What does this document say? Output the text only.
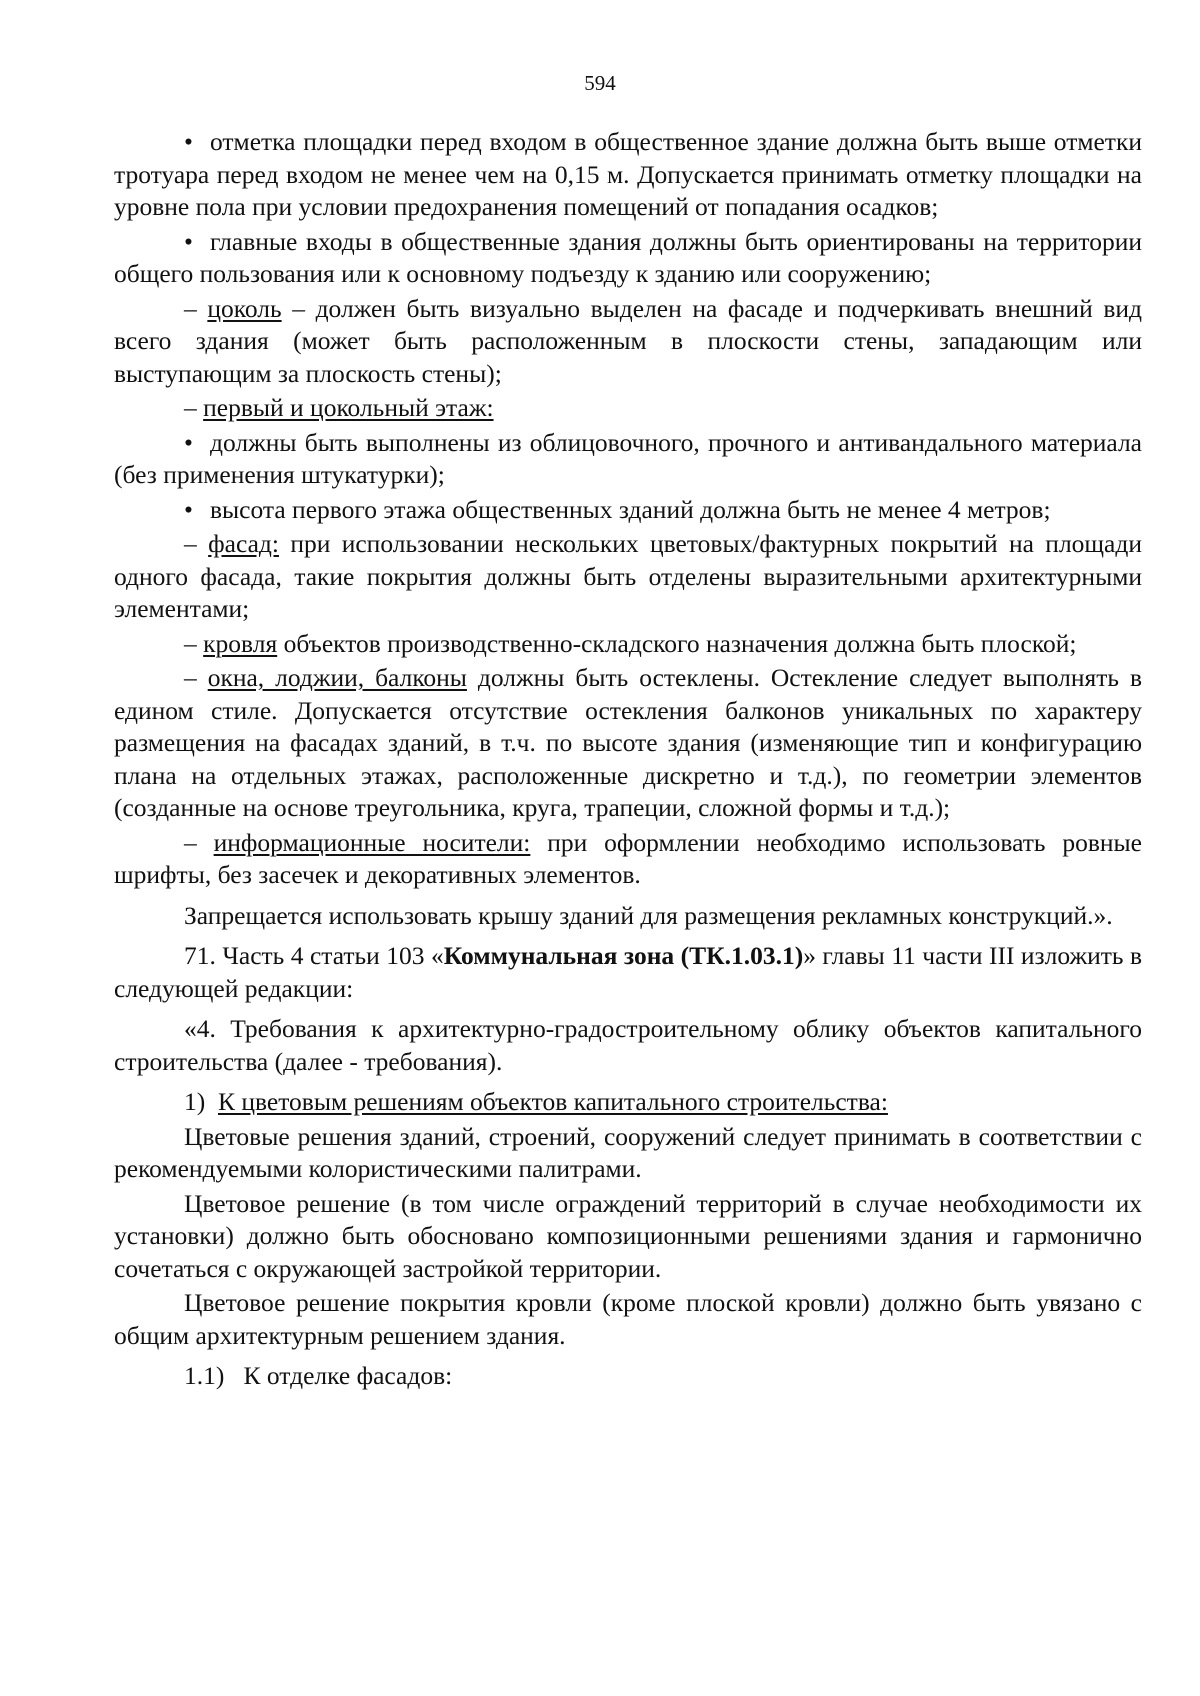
594

• отметка площадки перед входом в общественное здание должна быть выше отметки тротуара перед входом не менее чем на 0,15 м. Допускается принимать отметку площадки на уровне пола при условии предохранения помещений от попадания осадков;

• главные входы в общественные здания должны быть ориентированы на территории общего пользования или к основному подъезду к зданию или сооружению;

– цоколь – должен быть визуально выделен на фасаде и подчеркивать внешний вид всего здания (может быть расположенным в плоскости стены, западающим или выступающим за плоскость стены);

– первый и цокольный этаж:

• должны быть выполнены из облицовочного, прочного и антивандального материала (без применения штукатурки);

• высота первого этажа общественных зданий должна быть не менее 4 метров;

– фасад: при использовании нескольких цветовых/фактурных покрытий на площади одного фасада, такие покрытия должны быть отделены выразительными архитектурными элементами;

– кровля объектов производственно-складского назначения должна быть плоской;

– окна, лоджии, балконы должны быть остеклены. Остекление следует выполнять в едином стиле. Допускается отсутствие остекления балконов уникальных по характеру размещения на фасадах зданий, в т.ч. по высоте здания (изменяющие тип и конфигурацию плана на отдельных этажах, расположенные дискретно и т.д.), по геометрии элементов (созданные на основе треугольника, круга, трапеции, сложной формы и т.д.);

– информационные носители: при оформлении необходимо использовать ровные шрифты, без засечек и декоративных элементов.

Запрещается использовать крышу зданий для размещения рекламных конструкций.».

71. Часть 4 статьи 103 «Коммунальная зона (ТК.1.03.1)» главы 11 части III изложить в следующей редакции:

«4. Требования к архитектурно-градостроительному облику объектов капитального строительства (далее - требования).

1) К цветовым решениям объектов капитального строительства:

Цветовые решения зданий, строений, сооружений следует принимать в соответствии с рекомендуемыми колористическими палитрами.

Цветовое решение (в том числе ограждений территорий в случае необходимости их установки) должно быть обосновано композиционными решениями здания и гармонично сочетаться с окружающей застройкой территории.

Цветовое решение покрытия кровли (кроме плоской кровли) должно быть увязано с общим архитектурным решением здания.

1.1) К отделке фасадов:
